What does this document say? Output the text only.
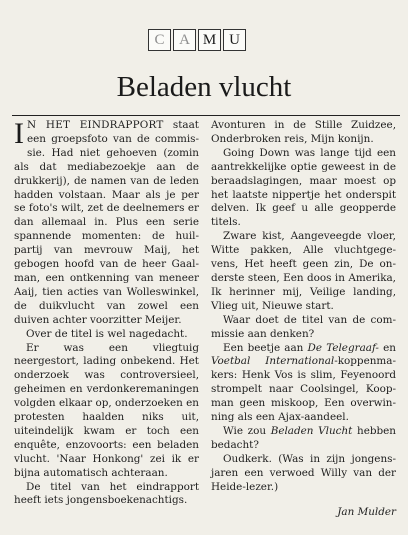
C A M U
Beladen vlucht

I N HET EINDRAPPORT staat een groepsfoto van de commissie. Had niet gehoeven (zomin als dat mediabezoekje aan de drukkerij), de namen van de leden hadden volstaan. Maar als je per se foto's wilt, zet de deelnemers er dan allemaal in. Plus een serie spannende momenten: de huilpartij van mevrouw Maij, het gebogen hoofd van de heer Gaalman, een ontkenning van meneer Aaij, tien acties van Wolleswinkel, de duikvlucht van zowel een duiven achter voorzitter Meijer.

Over de titel is wel nagedacht.

Er was een vliegtuig neergestort, lading onbekend. Het onderzoek was controversieel, geheimen en verdonkeremaningen volgden elkaar op, onderzoeken en protesten haalden niks uit, uiteindelijk kwam er toch een enquête, enzovoorts: een beladen vlucht. 'Naar Honkong' zei ik er bijna automatisch achteraan.

De titel van het eindrapport heeft iets jongensboekenachtigs.

Avonturen in de Stille Zuidzee, Onderbroken reis, Mijn konijn.

Going Down was lange tijd een aantrekkelijke optie geweest in de beraadslagingen, maar moest op het laatste nippertje het onderspit delven. Ik geef u alle geopperde titels.

Zware kist, Aangeveegde vloer, Witte pakken, Alle vluchtgegevens, Het heeft geen zin, De onderste steen, Een doos in Amerika, Ik herinner mij, Veilige landing, Vlieg uit, Nieuwe start.

Waar doet de titel van de commissie aan denken?

Een beetje aan De Telegraaf- en Voetbal International-koppenmakers: Henk Vos is slim, Feyenoord strompelt naar Coolsingel, Koopman geen miskoop, Een overwinning als een Ajax-aandeel.

Wie zou Beladen Vlucht hebben bedacht?

Oudkerk. (Was in zijn jongensjaren een verwoed Willy van der Heide-lezer.)

Jan Mulder
